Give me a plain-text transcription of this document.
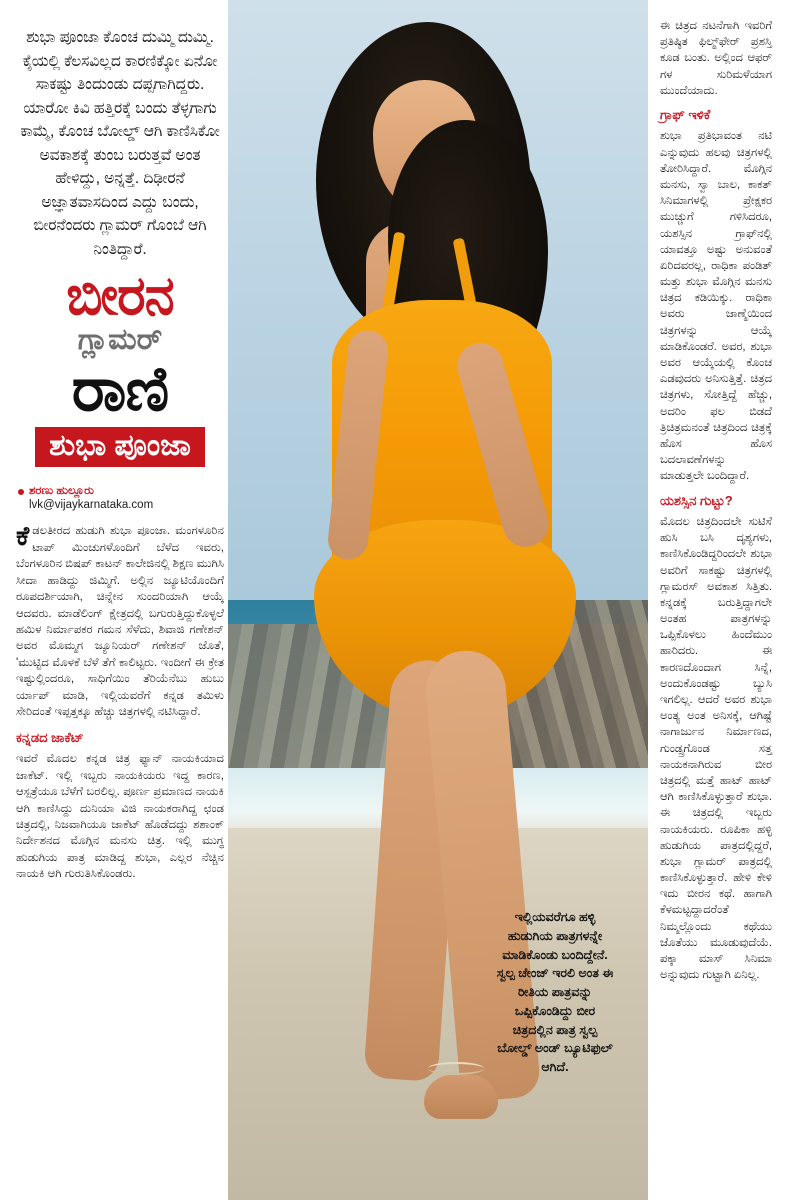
ಶುಭಾ ಪೂಂಜಾ ಕೊಂಚ ದುಮ್ಮಿ ದುಮ್ಮಿ. ಕೈಯಲ್ಲಿ ಕೆಲಸವಿಲ್ಲದ ಕಾರಣಿಕ್ಕೋ ಏನೋ ಸಾಕಷ್ಟು ತಿಂದುಂಡು ದಪ್ಪಗಾಗಿದ್ದರು. ಯಾರೋ ಕಿವಿ ಹತ್ತಿರಕ್ಕೆ ಬಂದು ತೆಳ್ಳಗಾಗು ಕಾಮ್ಮೆ, ಕೊಂಚ ಬೋಲ್ಡ್ ಆಗಿ ಕಾಣಿಸಿಕೋ ಅವಕಾಶಕ್ಕೆ ತುಂಬ ಬರುತ್ತವೆ ಅಂತ ಹೇಳಿದ್ದು, ಅನ್ನತ್ತೆ. ದಿಢೀರನೆ ಅಜ್ಞಾತವಾಸದಿಂದ ಎದ್ದು ಬಂದು, ಬೀರನೆಂದರು ಗ್ಲಾಮರ್ ಗೊಂಬೆ ಆಗಿ ನಿಂತಿದ್ದಾರೆ.

ಬೀರನ
ಗ್ಲಾಮರ್
ರಾಣಿ
ಶುಭಾ ಪೂಂಜಾ
ಶರಣು ಹುಲ್ಲೂರು
lvk@vijaykarnataka.com

ಕೆಡಲತೀರದ ಹುಡುಗಿ ಶುಭಾ ಪೂಂಜಾ. ಮಂಗಳೂರಿನ ಟಾಪ್ ಮಿಂಚುಗಳೊಂದಿಗೆ ಬೆಳೆದ ಇವರು, ಬೆಂಗಳೂರಿನ ಬಿಷಪ್ ಕಾಟನ್ ಕಾಲೇಜಿನಲ್ಲಿ ಶಿಕ್ಷಣ ಮುಗಿಸಿ ಸೀದಾ ಹಾಡಿದ್ದು ಜಿಮ್ಮಿಗೆ. ಅಲ್ಲಿನ ಜ್ಯೂಟಿಯೊಂದಿಗೆ ರೂಪದರ್ಶಿಯಾಗಿ, ಚಿನ್ನೇನ ಸುಂದರಿಯಾಗಿ ಆಯ್ಕೆ ಆದವರು. ಮಾಡೆಲಿಂಗ್ ಕ್ಷೇತ್ರದಲ್ಲಿ ಬಗುರುತ್ತಿದ್ದುಕೊಳ್ಳಲೆ ಹಮಿಳ ನಿರ್ಮಾಪಕರ ಗಮನ ಸೆಳೆದು, ಶಿವಾಜಿ ಗಣೇಶನ್ ಅವರ ಮೊಮ್ಮಗ ಜ್ಯೂನಿಯರ್ ಗಣೇಶನ್ ಜೊತೆ, 'ಮುಟ್ಟಿದ ಮೊಳಕೆ ಬೆಳೆ ತೆಗೆ ಕಾಲಿಟ್ಟರು. ಇಂದೀಗೆ ಈ ಕ್ರೇತ ಇಷ್ಟುಲ್ಲಿಂದರೂ, ಸಾಧಿಗೆಯಿಂ ತೆರಿಯೆನೆಬು ಹುಬು ರ್ಯಾಪ್ ಮಾಡಿ, ಇಲ್ಲಿಯವರೆಗೆ ಕನ್ನಡ ತಮಿಳು ಸೇರಿದಂತೆ ಇಪ್ಪತ್ತಕ್ಕೂ ಹೆಚ್ಚು ಚಿತ್ರಗಳಲ್ಲಿ ನಟಿಸಿದ್ದಾರೆ.

ಕನ್ನಡದ ಜಾಕೆಟ್

ಇವರೆ ಮೊದಲ ಕನ್ನಡ ಚಿತ್ರ ಫ್ಯಾನ್ ನಾಯಕಿಯಾದ ಜಾಕೆಟ್. ಇಲ್ಲಿ ಇಬ್ಬರು ನಾಯಕಿಯರು ಇದ್ದ ಕಾರಣ, ಆಸ್ಪತ್ರೆಯೂ ಬೆಳೆಗೆ ಬರಲಿಲ್ಲ. ಪೂರ್ಣ ಪ್ರಮಾಣದ ನಾಯಕಿ ಆಗಿ ಕಾಣಿಸಿದ್ದು ದುನಿಯಾ ವಿಜಿ ನಾಯಕರಾಗಿದ್ದ ಛಂಡ ಚಿತ್ರದಲ್ಲಿ, ನಿಜವಾಗಿಯೂ ಜಾಕೆಟ್ ಹೊಡೆದದ್ದು ಶಶಾಂಕ್ ನಿರ್ದೇಶನದ ಮೊಗ್ಗಿನ ಮನಸು ಚಿತ್ರ. ಇಲ್ಲಿ ಮುಗ್ಧ ಹುಡುಗಿಯ ಪಾತ್ರ ಮಾಡಿದ್ದ ಶುಭಾ, ಎಲ್ಲರ ನೆಚ್ಚಿನ ನಾಯಕಿ ಆಗಿ ಗುರುತಿಸಿಕೊಂಡರು.

ಇಲ್ಲಿಯವರೆಗೂ ಹಳ್ಳಿ ಹುಡುಗಿಯ ಪಾತ್ರಗಳನ್ನೇ ಮಾಡಿಕೊಂಡು ಬಂದಿದ್ದೇನೆ. ಸ್ವಲ್ಪ ಚೇಂಜ್ ಇರಲಿ ಅಂತ ಈ ರೀತಿಯ ಪಾತ್ರವನ್ನು ಒಪ್ಪಿಕೊಂಡಿದ್ದು ಬೀರ ಚಿತ್ರದಲ್ಲಿನ ಪಾತ್ರ ಸ್ವಲ್ಪ ಬೋಲ್ಡ್ ಅಂಡ್ ಬ್ಯೂಟಿಫುಲ್ ಆಗಿದೆ.

ಈ ಚಿತ್ರದ ನಟನೆಗಾಗಿ ಇವರಿಗೆ ಪ್ರತಿಷ್ಠಿತ ಫಿಲ್ಮ್‌ಫೇರ್ ಪ್ರಶಸ್ತಿ ಕೂಡ ಬಂತು. ಅಲ್ಲಿಂದ ಆಫರ್ ಗಳ ಸುರಿಮಳೆಯಾಗ ಮುಂದೆಯಾದು.

ಗ್ರಾಫ್ ಇಳಿಕೆ

ಶುಭಾ ಪ್ರತಿಭಾವಂತ ನಟಿ ಎನ್ನುವುದು ಹಲವು ಚಿತ್ರಗಳಲ್ಲಿ ತೋರಿಸಿದ್ದಾರೆ. ಮೊಗ್ಗಿನ ಮನಸು, ಸ್ವಾ ಬಾಲ, ಕಾಕತ್ ಸಿನಿಮಾಗಳಲ್ಲಿ ಪ್ರೇಕ್ಷಕರ ಮುಚ್ಚುಗೆ ಗಳಿಸಿದರೂ, ಯಶಸ್ಸಿನ ಗ್ರಾಫ್‌ನಲ್ಲಿ ಯಾವತ್ತೂ ಅಷ್ಟು ಅನುವಂತೆ ಏರಿದವರಲ್ಲ, ರಾಧಿಕಾ ಪಂಡಿತ್ ಮತ್ತು ಶುಭಾ ಮೊಗ್ಗಿನ ಮನಸು ಚಿತ್ರದ ಕಡಿಯಿಕ್ಕು. ರಾಧಿಕಾ ಅವರು ಜಾಣ್ಮೆಯಿಂದ ಚಿತ್ರಗಳನ್ನು ಆಯ್ಕೆ ಮಾಡಿಕೊಂಡರೆ. ಅವರ, ಶುಭಾ ಅವರ ಆಯ್ಕೆಯಲ್ಲಿ ಕೊಂಚ ಎಡವುದರು ಅನಿಸುತ್ತಿತ್ತೆ. ಚಿತ್ರದ ಚಿತ್ರಗಳು, ಸೋತ್ತಿದ್ದೆ ಹೆಚ್ಚು, ಅದರಿಂ ಫಲ ಬಿಡದೆ ತ್ರಿಚಿತ್ರಮನಂತೆ ಚಿತ್ರದಿಂದ ಚಿತ್ರಕ್ಕೆ ಹೊಸ ಹೊಸ ಬದಲಾವಣೆಗಳನ್ನು ಮಾಡುತ್ತಲೇ ಬಂದಿದ್ದಾರೆ.

ಯಶಸ್ಸಿನ ಗುಟ್ಟು?

ಮೊದಲ ಚಿತ್ರದಿಂದಲೇ ಸುಟಿಸೆ ಹುಸಿ ಬಸಿ ದೃಶ್ಯಗಳು, ಕಾಣಿಸಿಕೊಂಡಿದ್ದರಿಂದಲೇ ಶುಭಾ ಅವರಿಗೆ ಸಾಕಷ್ಟು ಚಿತ್ರಗಳಲ್ಲಿ ಗ್ಲಾಮರಸ್ ಅವಕಾಶ ಸಿತ್ತಿತು. ಕನ್ನಡಕ್ಕೆ ಬರುತ್ತಿದ್ದಾಗಲೇ ಅಂತಹ ಪಾತ್ರಗಳನ್ನು ಒಪ್ಪಿಕೊಳಲು ಹಿಂದೆಮುಂ ಹಾರಿದರು. ಈ ಕಾರಣದೊಂದಾಗ ಸಿನ್ನೆ, ಅಂದುಕೊಂಡಷ್ಟು ಬ್ಯುಸಿ ಇಗಲಿಲ್ಲ. ಆದರೆ ಅವರ ಶುಭಾ ಅಂತ್ಯ ಅಂತ ಅನಿಸಕ್ಕೆ, ಆಗಿಷ್ಟೆ ನಾಗಾರ್ಜುನ ನಿರ್ಮಾಣದ, ಗುಂಡ್ಸ್ರಗೊಂಡ ಸತ್ತ ನಾಯಕನಾಗಿರುವ ಬೀರ ಚಿತ್ರದಲ್ಲಿ ಮತ್ತೆ ಹಾಟ್ ಹಾಟ್ ಆಗಿ ಕಾಣಿಸಿಕೊಳ್ಳುತ್ತಾರೆ ಶುಭಾ. ಈ ಚಿತ್ರದಲ್ಲಿ ಇಬ್ಬರು ನಾಯಕಿಯರು. ರೂಪಿಕಾ ಹಳ್ಳಿ ಹುಡುಗಿಯ ಪಾತ್ರದಲ್ಲಿದ್ದರೆ, ಶುಭಾ ಗ್ಲಾಮರ್ ಪಾತ್ರದಲ್ಲಿ ಕಾಣಿಸಿಕೊಳ್ಳುತ್ತಾರೆ. ಹೇಳಿ ಕೇಳಿ ಇದು ಬೀರನ ಕಥೆ. ಹಾಗಾಗಿ ಕೆಳಮಟ್ಟದ್ದಾದರೆಂತೆ ನಿಮ್ಮಲ್ಲೊಂದು ಕಥೆಯು ಜೊತೆಯು ಮೂಡುವುದೆಯೆ. ಪಕ್ಕಾ ಮಾಸ್ ಸಿನಿಮಾ ಅನ್ನುವುದು ಗುಟ್ಟಾಗಿ ಏನಿಲ್ಲ.
